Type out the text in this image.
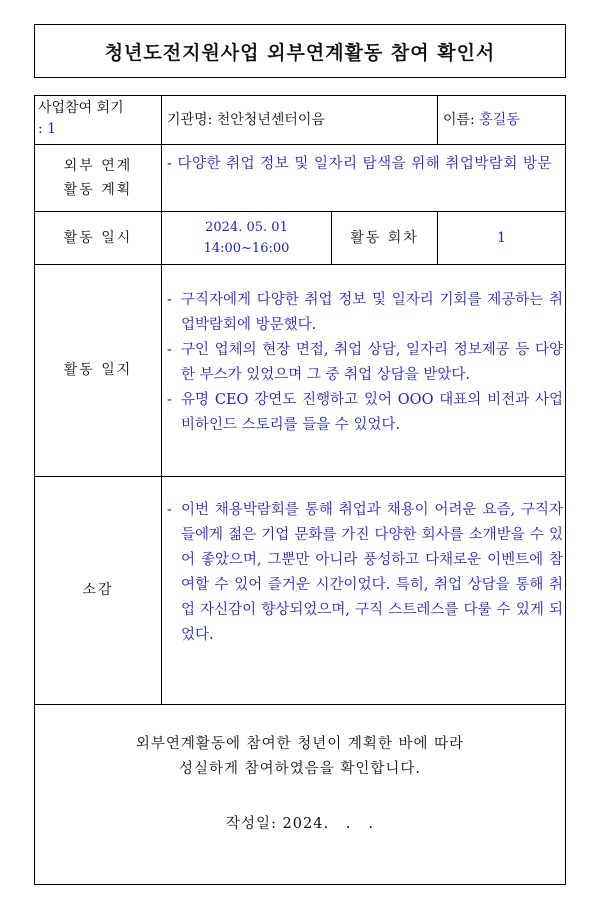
청년도전지원사업 외부연계활동 참여 확인서
사업참여 회기
: 1
기관명:
천안청년센터이음	이름:
홍길동
외부 연계
활동 계획
- 다양한 취업 정보 및 일자리 탐색을 위해 취업박람회 방문
활동 일시
2024. 05. 01
14:00~16:00
활동 회차	1
활동 일지
- 구직자에게 다양한 취업 정보 및 일자리 기회를 제공하는 취업박람회에 방문했다.
- 구인 업체의 현장 면접, 취업 상담, 일자리 정보제공 등 다양한 부스가 있었으며 그 중 취업 상담을 받았다.
- 유명 CEO 강연도 진행하고 있어 OOO 대표의 비전과 사업 비하인드 스토리를 들을 수 있었다.
소감
- 이번 채용박람회를 통해 취업과 채용이 어려운 요즘, 구직자들에게 젊은 기업 문화를 가진 다양한 회사를 소개받을 수 있어 좋았으며, 그뿐만 아니라 풍성하고 다채로운 이벤트에 참여할 수 있어 즐거운 시간이었다. 특히, 취업 상담을 통해 취업 자신감이 향상되었으며, 구직 스트레스를 다룰 수 있게 되었다.
외부연계활동에 참여한 청년이 계획한 바에 따라
성실하게 참여하였음을 확인합니다.
작성일: 2024.   .   .
